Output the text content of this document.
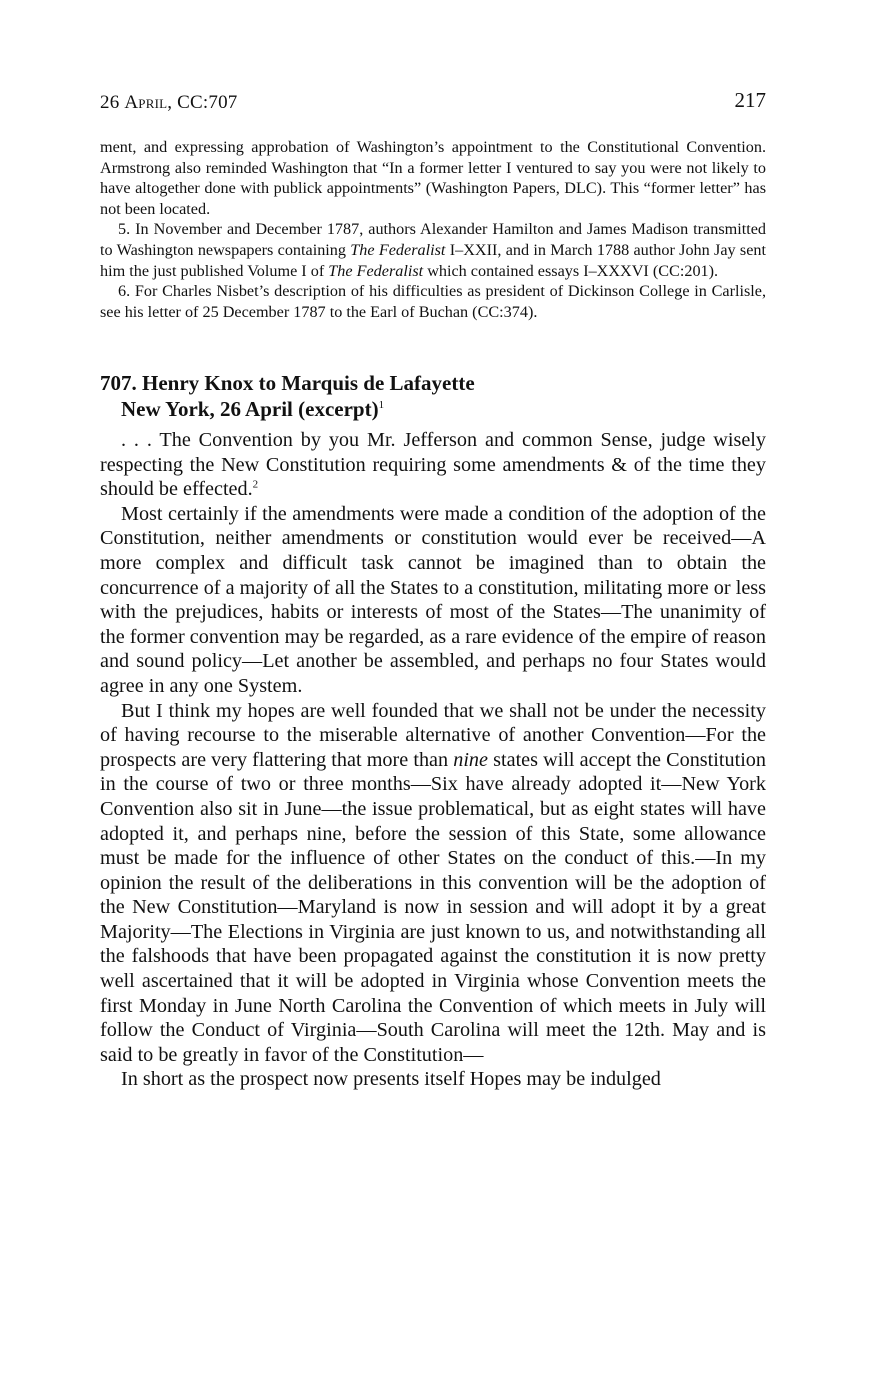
26 April, CC:707	217

ment, and expressing approbation of Washington’s appointment to the Constitutional Convention. Armstrong also reminded Washington that “In a former letter I ventured to say you were not likely to have altogether done with publick appointments” (Washington Papers, DLC). This “former letter” has not been located.

5. In November and December 1787, authors Alexander Hamilton and James Madison transmitted to Washington newspapers containing The Federalist I–XXII, and in March 1788 author John Jay sent him the just published Volume I of The Federalist which contained essays I–XXXVI (CC:201).

6. For Charles Nisbet’s description of his difficulties as president of Dickinson College in Carlisle, see his letter of 25 December 1787 to the Earl of Buchan (CC:374).

707. Henry Knox to Marquis de Lafayette
New York, 26 April (excerpt)$^1$

. . . The Convention by you Mr. Jefferson and common Sense, judge wisely respecting the New Constitution requiring some amendments & of the time they should be effected.$^2$

Most certainly if the amendments were made a condition of the adoption of the Constitution, neither amendments or constitution would ever be received—A more complex and difficult task cannot be imagined than to obtain the concurrence of a majority of all the States to a constitution, militating more or less with the prejudices, habits or interests of most of the States—The unanimity of the former convention may be regarded, as a rare evidence of the empire of reason and sound policy—Let another be assembled, and perhaps no four States would agree in any one System.

But I think my hopes are well founded that we shall not be under the necessity of having recourse to the miserable alternative of another Convention—For the prospects are very flattering that more than nine states will accept the Constitution in the course of two or three months—Six have already adopted it—New York Convention also sit in June—the issue problematical, but as eight states will have adopted it, and perhaps nine, before the session of this State, some allowance must be made for the influence of other States on the conduct of this.—In my opinion the result of the deliberations in this convention will be the adoption of the New Constitution—Maryland is now in session and will adopt it by a great Majority—The Elections in Virginia are just known to us, and notwithstanding all the falshoods that have been propagated against the constitution it is now pretty well ascertained that it will be adopted in Virginia whose Convention meets the first Monday in June North Carolina the Convention of which meets in July will follow the Conduct of Virginia—South Carolina will meet the 12th. May and is said to be greatly in favor of the Constitution—

In short as the prospect now presents itself Hopes may be indulged
